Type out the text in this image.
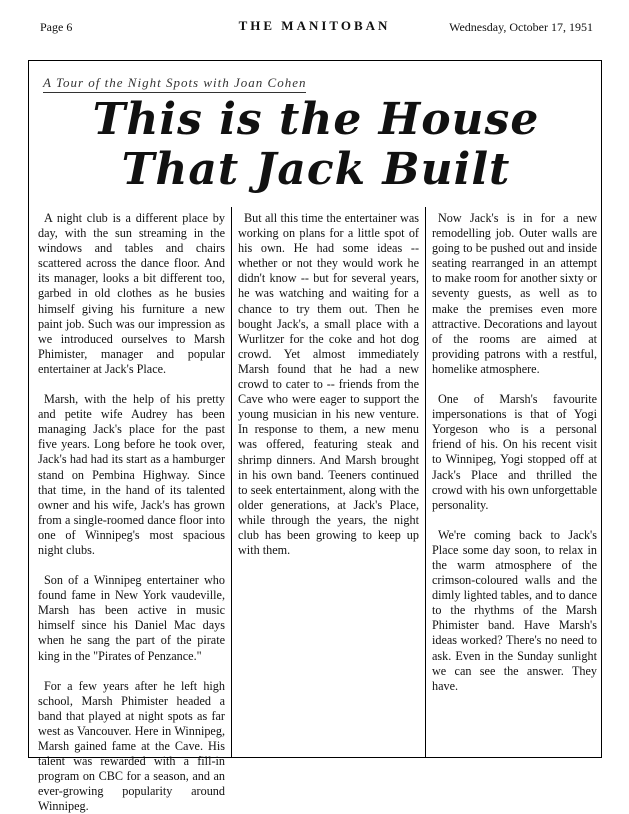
Page 6	THE MANITOBAN	Wednesday, October 17, 1951
A Tour of the Night Spots with Joan Cohen
This is the House
That Jack Built

A night club is a different place by day, with the sun streaming in the windows and tables and chairs scattered across the dance floor. And its manager, looks a bit different too, garbed in old clothes as he busies himself giving his furniture a new paint job. Such was our impression as we introduced ourselves to Marsh Phimister, manager and popular entertainer at Jack's Place.

Marsh, with the help of his pretty and petite wife Audrey has been managing Jack's place for the past five years. Long before he took over, Jack's had had its start as a hamburger stand on Pembina Highway. Since that time, in the hand of its talented owner and his wife, Jack's has grown from a single-roomed dance floor into one of Winnipeg's most spacious night clubs.

Son of a Winnipeg entertainer who found fame in New York vaudeville, Marsh has been active in music himself since his Daniel Mac days when he sang the part of the pirate king in the "Pirates of Penzance."

For a few years after he left high school, Marsh Phimister headed a band that played at night spots as far west as Vancouver. Here in Winnipeg, Marsh gained fame at the Cave. His talent was rewarded with a fill-in program on CBC for a season, and an ever-growing popularity around Winnipeg.

But all this time the entertainer was working on plans for a little spot of his own. He had some ideas -- whether or not they would work he didn't know -- but for several years, he was watching and waiting for a chance to try them out. Then he bought Jack's, a small place with a Wurlitzer for the coke and hot dog crowd. Yet almost immediately Marsh found that he had a new crowd to cater to -- friends from the Cave who were eager to support the young musician in his new venture. In response to them, a new menu was offered, featuring steak and shrimp dinners. And Marsh brought in his own band. Teeners continued to seek entertainment, along with the older generations, at Jack's Place, while through the years, the night club has been growing to keep up with them.

Now Jack's is in for a new remodelling job. Outer walls are going to be pushed out and inside seating rearranged in an attempt to make room for another sixty or seventy guests, as well as to make the premises even more attractive. Decorations and layout of the rooms are aimed at providing patrons with a restful, homelike atmosphere.

One of Marsh's favourite impersonations is that of Yogi Yorgeson who is a personal friend of his. On his recent visit to Winnipeg, Yogi stopped off at Jack's Place and thrilled the crowd with his own unforgettable personality.

We're coming back to Jack's Place some day soon, to relax in the warm atmosphere of the crimson-coloured walls and the dimly lighted tables, and to dance to the rhythms of the Marsh Phimister band. Have Marsh's ideas worked? There's no need to ask. Even in the Sunday sunlight we can see the answer. They have.
